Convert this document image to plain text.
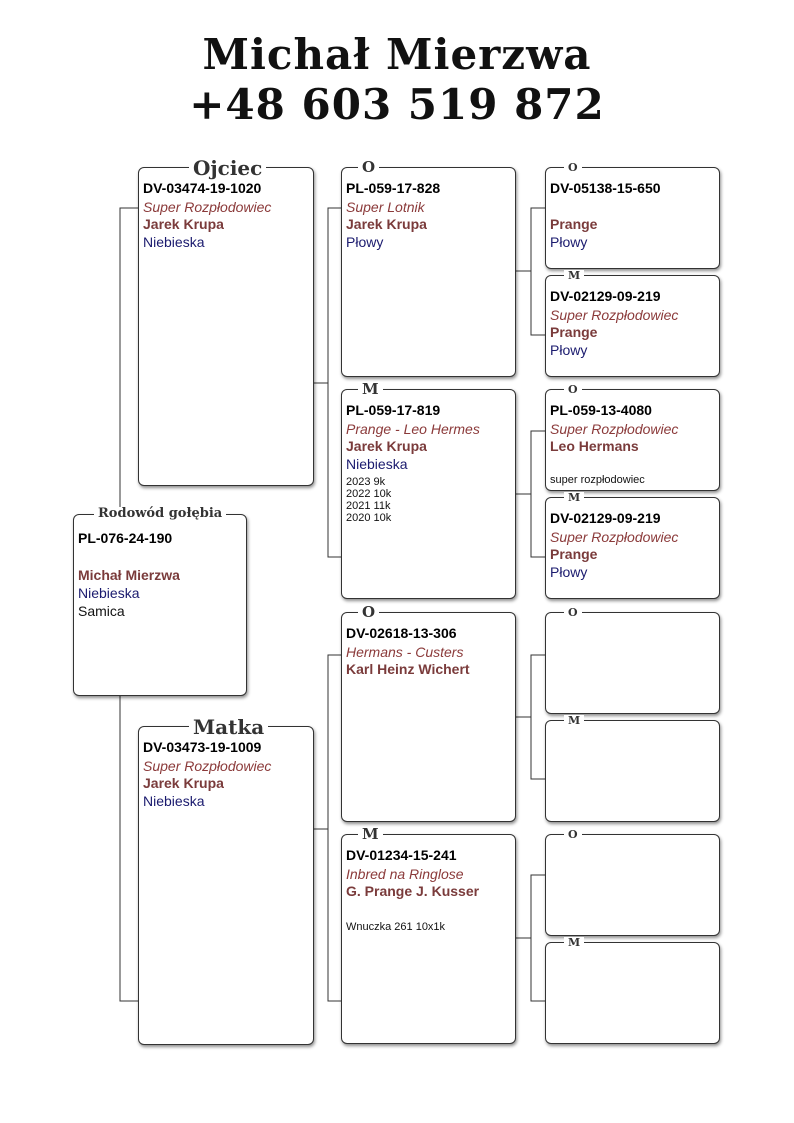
Michał Mierzwa
+48 603 519 872
Rodowód gołębia
PL-076-24-190
Michał Mierzwa
Niebieska
Samica
Ojciec
DV-03474-19-1020
Super Rozpłodowiec
Jarek Krupa
Niebieska
Matka
DV-03473-19-1009
Super Rozpłodowiec
Jarek Krupa
Niebieska
O
PL-059-17-828
Super Lotnik
Jarek Krupa
Płowy
M
PL-059-17-819
Prange - Leo Hermes
Jarek Krupa
Niebieska
2023 9k
2022 10k
2021 11k
2020 10k
O
DV-02618-13-306
Hermans - Custers
Karl Heinz Wichert
M
DV-01234-15-241
Inbred na Ringlose
G. Prange J. Kusser
Wnuczka 261 10x1k
O
DV-05138-15-650
Prange
Płowy
M
DV-02129-09-219
Super Rozpłodowiec
Prange
Płowy
O
PL-059-13-4080
Super Rozpłodowiec
Leo Hermans
super rozpłodowiec
M
DV-02129-09-219
Super Rozpłodowiec
Prange
Płowy
O
M
O
M
